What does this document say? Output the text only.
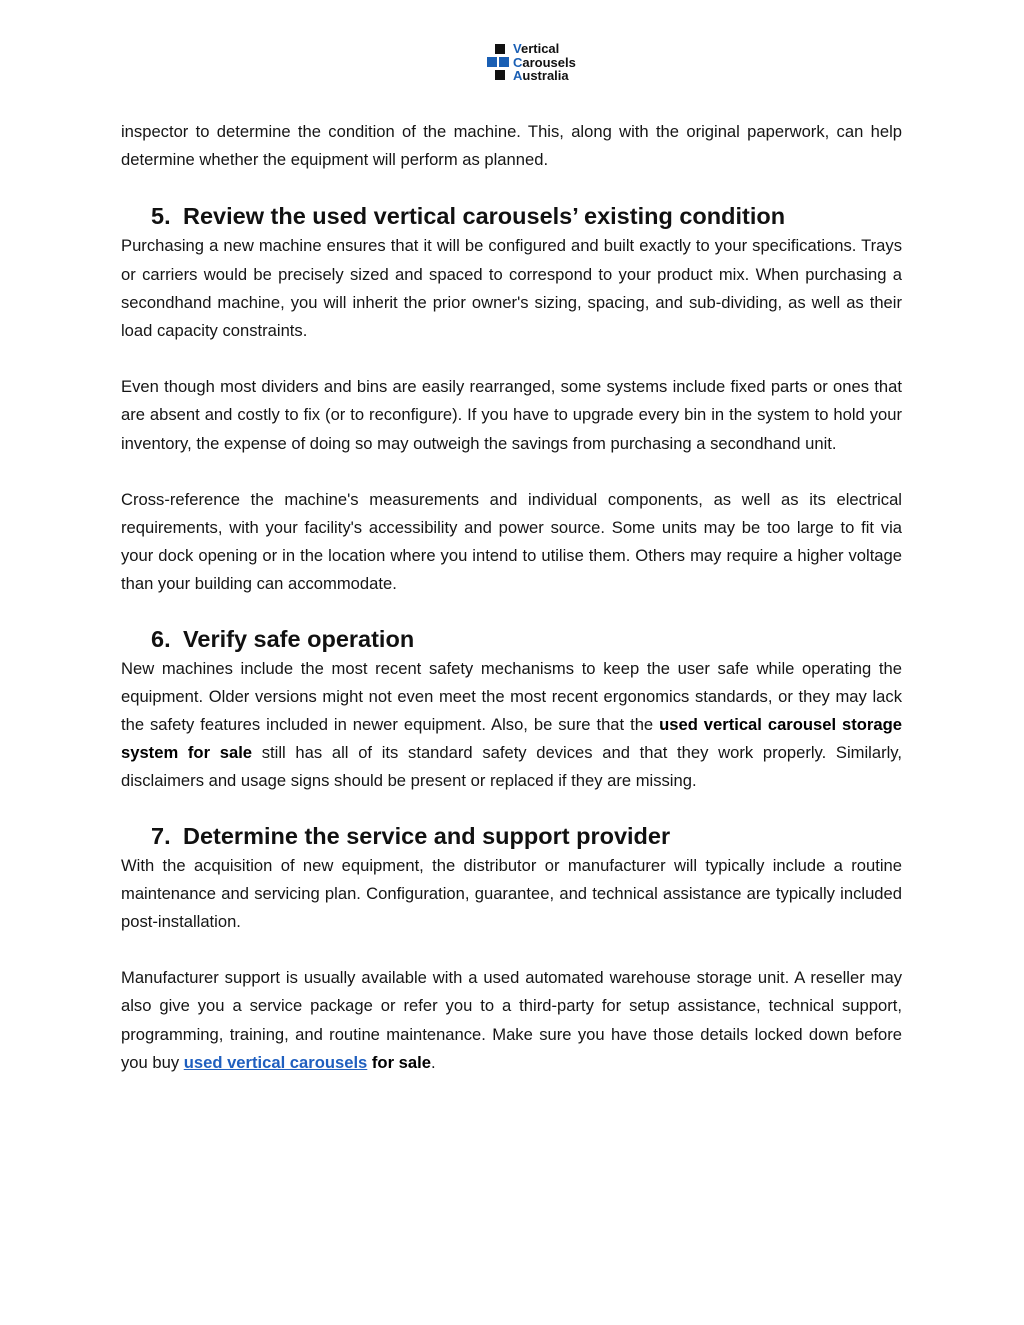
Vertical
Carousels
Australia

inspector to determine the condition of the machine. This, along with the original paperwork, can help determine whether the equipment will perform as planned.

5. Review the used vertical carousels’ existing condition

Purchasing a new machine ensures that it will be configured and built exactly to your specifications. Trays or carriers would be precisely sized and spaced to correspond to your product mix. When purchasing a secondhand machine, you will inherit the prior owner's sizing, spacing, and sub-dividing, as well as their load capacity constraints.

Even though most dividers and bins are easily rearranged, some systems include fixed parts or ones that are absent and costly to fix (or to reconfigure). If you have to upgrade every bin in the system to hold your inventory, the expense of doing so may outweigh the savings from purchasing a secondhand unit.

Cross-reference the machine's measurements and individual components, as well as its electrical requirements, with your facility's accessibility and power source. Some units may be too large to fit via your dock opening or in the location where you intend to utilise them. Others may require a higher voltage than your building can accommodate.

6. Verify safe operation

New machines include the most recent safety mechanisms to keep the user safe while operating the equipment. Older versions might not even meet the most recent ergonomics standards, or they may lack the safety features included in newer equipment. Also, be sure that the used vertical carousel storage system for sale still has all of its standard safety devices and that they work properly. Similarly, disclaimers and usage signs should be present or replaced if they are missing.

7. Determine the service and support provider

With the acquisition of new equipment, the distributor or manufacturer will typically include a routine maintenance and servicing plan. Configuration, guarantee, and technical assistance are typically included post-installation.

Manufacturer support is usually available with a used automated warehouse storage unit. A reseller may also give you a service package or refer you to a third-party for setup assistance, technical support, programming, training, and routine maintenance. Make sure you have those details locked down before you buy used vertical carousels for sale.
